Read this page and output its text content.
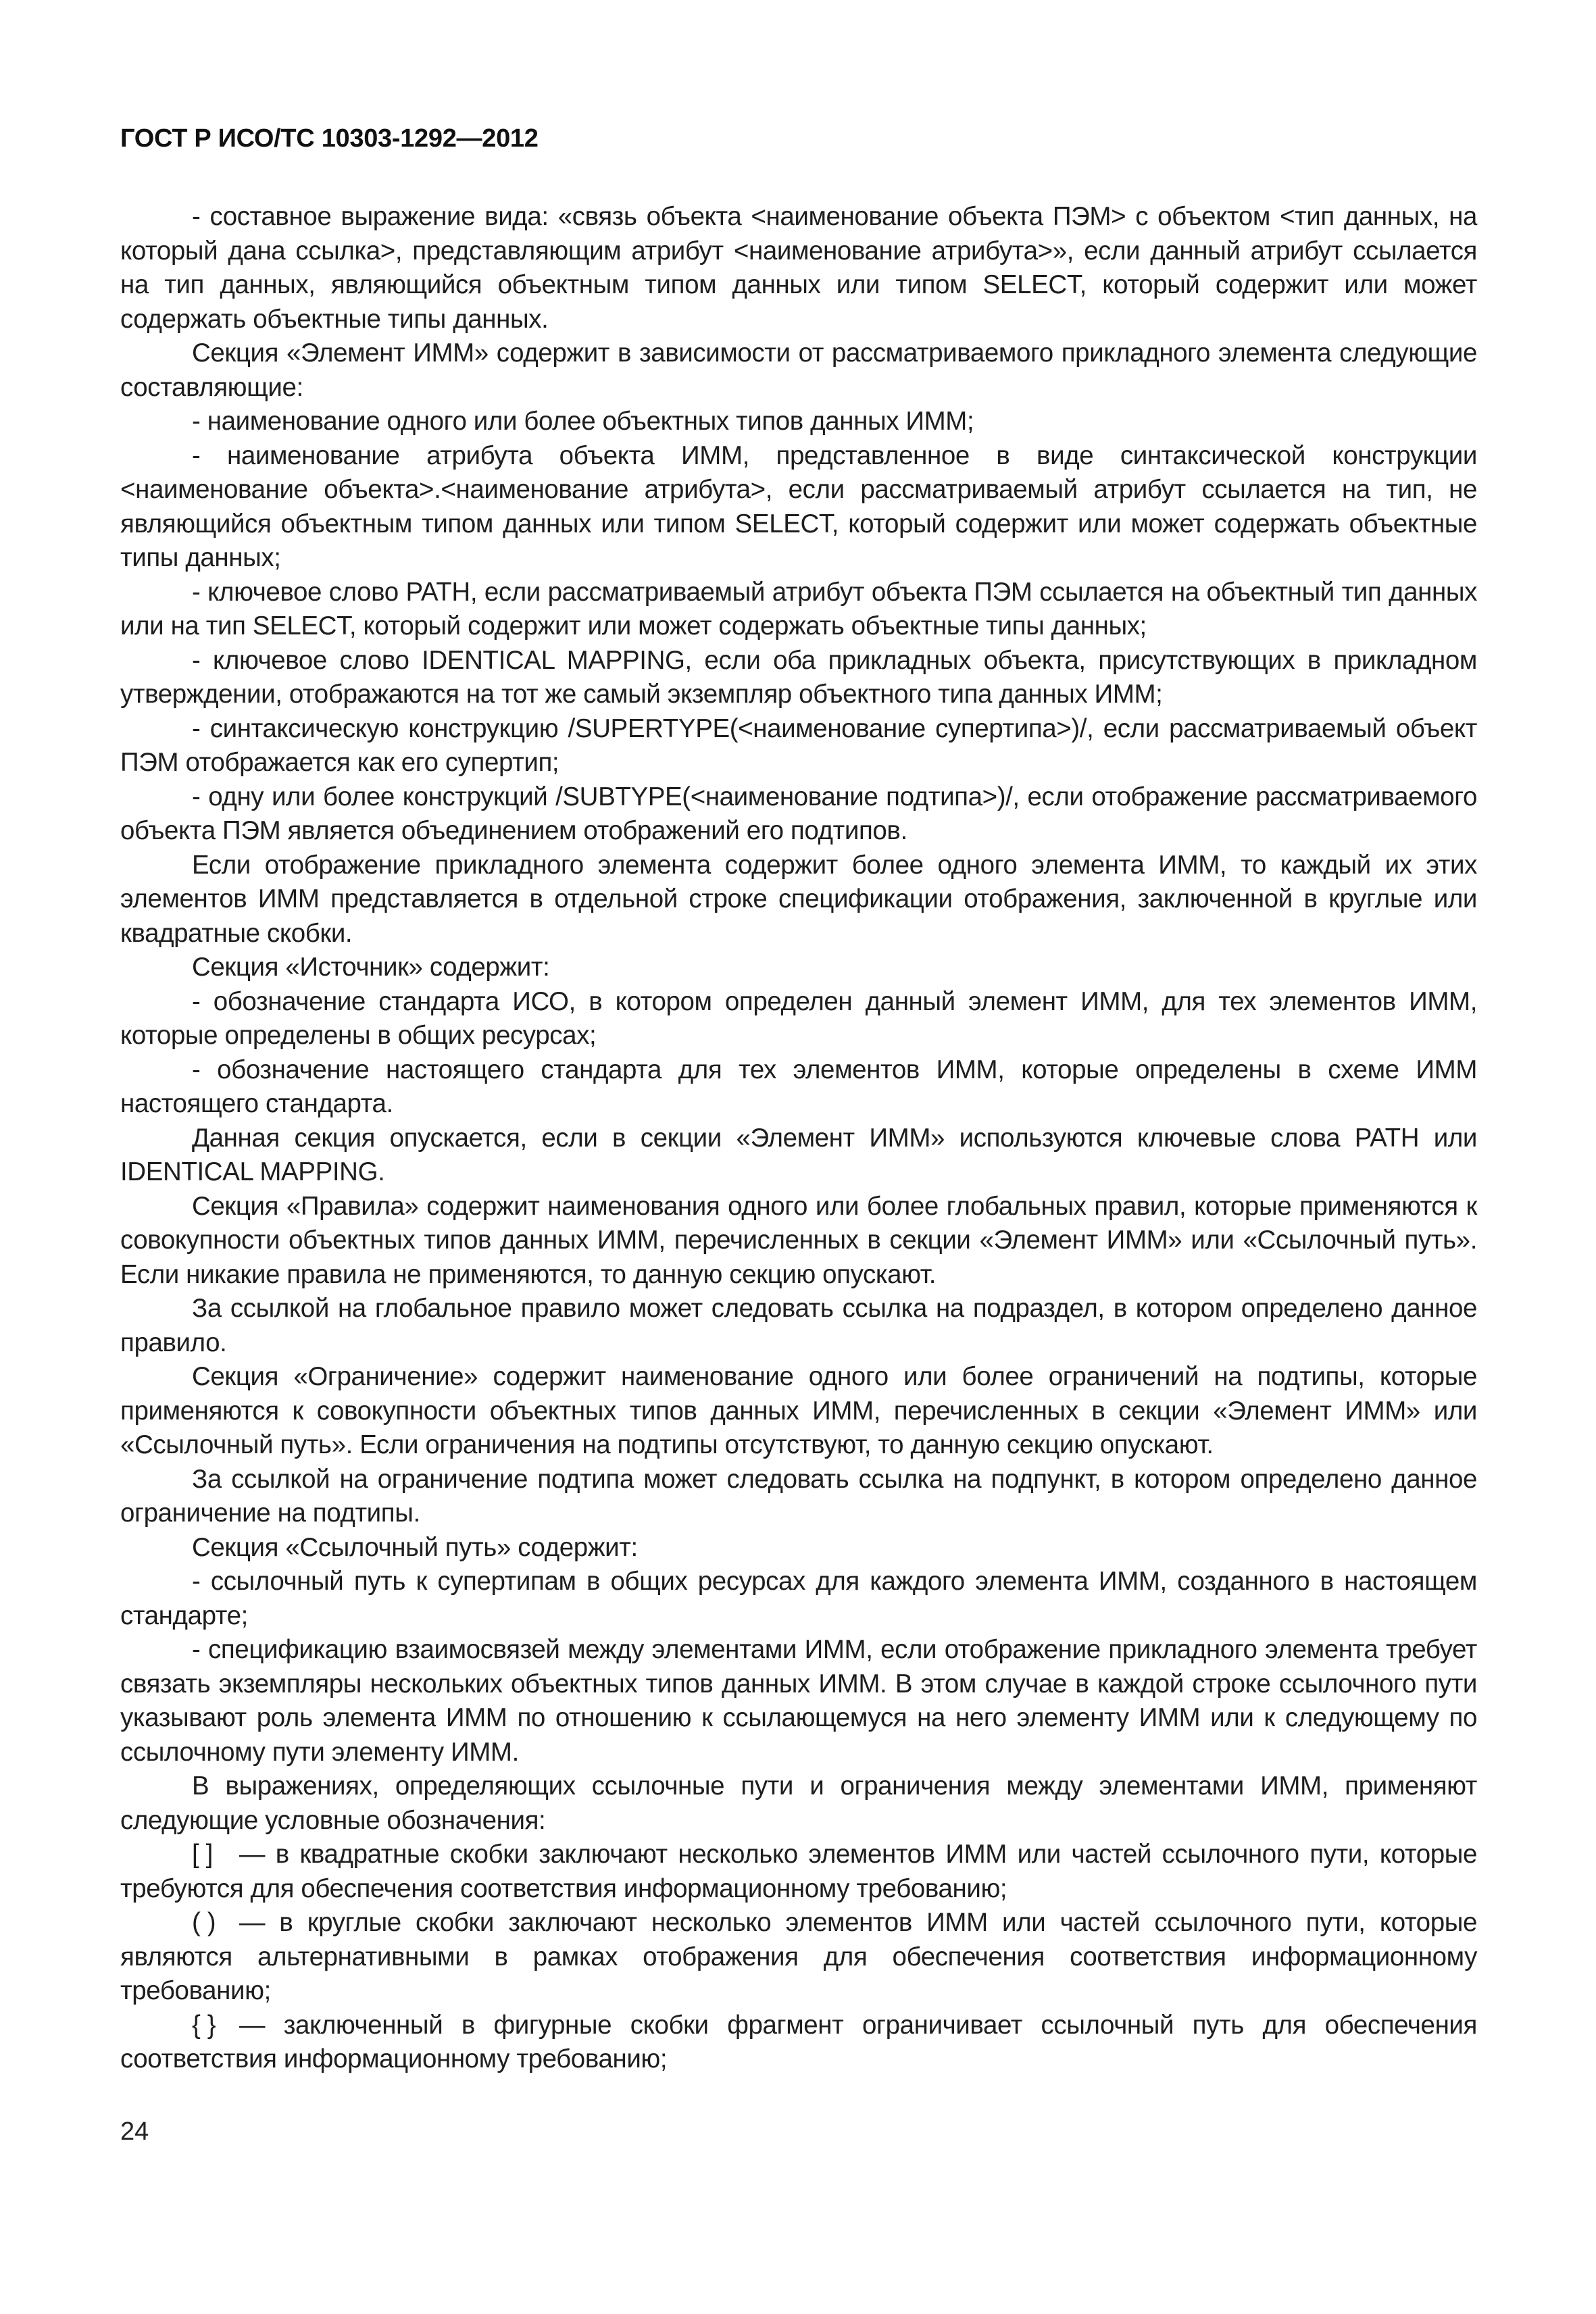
ГОСТ Р ИСО/ТС 10303-1292—2012

- составное выражение вида: «связь объекта <наименование объекта ПЭМ> с объектом <тип данных, на который дана ссылка>, представляющим атрибут <наименование атрибута>», если данный атрибут ссылается на тип данных, являющийся объектным типом данных или типом SELECT, который содержит или может содержать объектные типы данных.

Секция «Элемент ИММ» содержит в зависимости от рассматриваемого прикладного элемента следующие составляющие:

- наименование одного или более объектных типов данных ИММ;

- наименование атрибута объекта ИММ, представленное в виде синтаксической конструкции <наименование объекта>.<наименование атрибута>, если рассматриваемый атрибут ссылается на тип, не являющийся объектным типом данных или типом SELECT, который содержит или может содержать объектные типы данных;

- ключевое слово PATH, если рассматриваемый атрибут объекта ПЭМ ссылается на объектный тип данных или на тип SELECT, который содержит или может содержать объектные типы данных;

- ключевое слово IDENTICAL MAPPING, если оба прикладных объекта, присутствующих в прикладном утверждении, отображаются на тот же самый экземпляр объектного типа данных ИММ;

- синтаксическую конструкцию /SUPERTYPE(<наименование супертипа>)/, если рассматриваемый объект ПЭМ отображается как его супертип;

- одну или более конструкций /SUBTYPE(<наименование подтипа>)/, если отображение рассматриваемого объекта ПЭМ является объединением отображений его подтипов.

Если отображение прикладного элемента содержит более одного элемента ИММ, то каждый их этих элементов ИММ представляется в отдельной строке спецификации отображения, заключенной в круглые или квадратные скобки.

Секция «Источник» содержит:

- обозначение стандарта ИСО, в котором определен данный элемент ИММ, для тех элементов ИММ, которые определены в общих ресурсах;

- обозначение настоящего стандарта для тех элементов ИММ, которые определены в схеме ИММ настоящего стандарта.

Данная секция опускается, если в секции «Элемент ИММ» используются ключевые слова PATH или IDENTICAL MAPPING.

Секция «Правила» содержит наименования одного или более глобальных правил, которые применяются к совокупности объектных типов данных ИММ, перечисленных в секции «Элемент ИММ» или «Ссылочный путь». Если никакие правила не применяются, то данную секцию опускают.

За ссылкой на глобальное правило может следовать ссылка на подраздел, в котором определено данное правило.

Секция «Ограничение» содержит наименование одного или более ограничений на подтипы, которые применяются к совокупности объектных типов данных ИММ, перечисленных в секции «Элемент ИММ» или «Ссылочный путь». Если ограничения на подтипы отсутствуют, то данную секцию опускают.

За ссылкой на ограничение подтипа может следовать ссылка на подпункт, в котором определено данное ограничение на подтипы.

Секция «Ссылочный путь» содержит:

- ссылочный путь к супертипам в общих ресурсах для каждого элемента ИММ, созданного в настоящем стандарте;

- спецификацию взаимосвязей между элементами ИММ, если отображение прикладного элемента требует связать экземпляры нескольких объектных типов данных ИММ. В этом случае в каждой строке ссылочного пути указывают роль элемента ИММ по отношению к ссылающемуся на него элементу ИММ или к следующему по ссылочному пути элементу ИММ.

В выражениях, определяющих ссылочные пути и ограничения между элементами ИММ, применяют следующие условные обозначения:

[ ] — в квадратные скобки заключают несколько элементов ИММ или частей ссылочного пути, которые требуются для обеспечения соответствия информационному требованию;

( ) — в круглые скобки заключают несколько элементов ИММ или частей ссылочного пути, которые являются альтернативными в рамках отображения для обеспечения соответствия информационному требованию;

{ } — заключенный в фигурные скобки фрагмент ограничивает ссылочный путь для обеспечения соответствия информационному требованию;

24
